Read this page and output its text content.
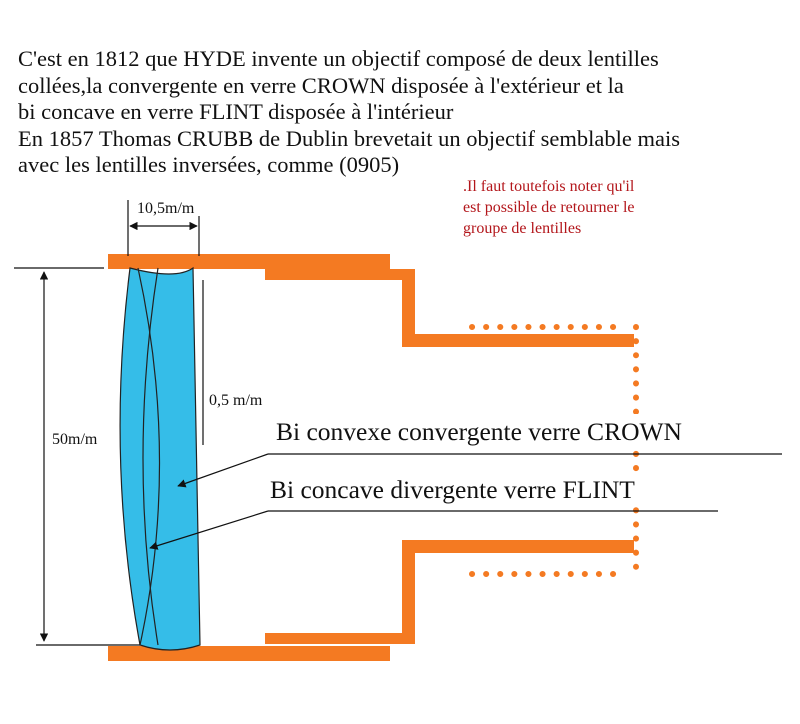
C'est en 1812 que HYDE invente un objectif composé de deux lentilles
collées,la convergente en verre CROWN disposée à l'extérieur et la
bi concave en verre FLINT disposée à l'intérieur
En 1857 Thomas CRUBB de Dublin brevetait un objectif semblable mais
avec les lentilles inversées, comme (0905)
.Il faut toutefois noter qu'il
est possible de retourner le
groupe de lentilles
10,5m/m
0,5 m/m
50m/m	Bi convexe convergente verre CROWN
Bi concave divergente verre FLINT
